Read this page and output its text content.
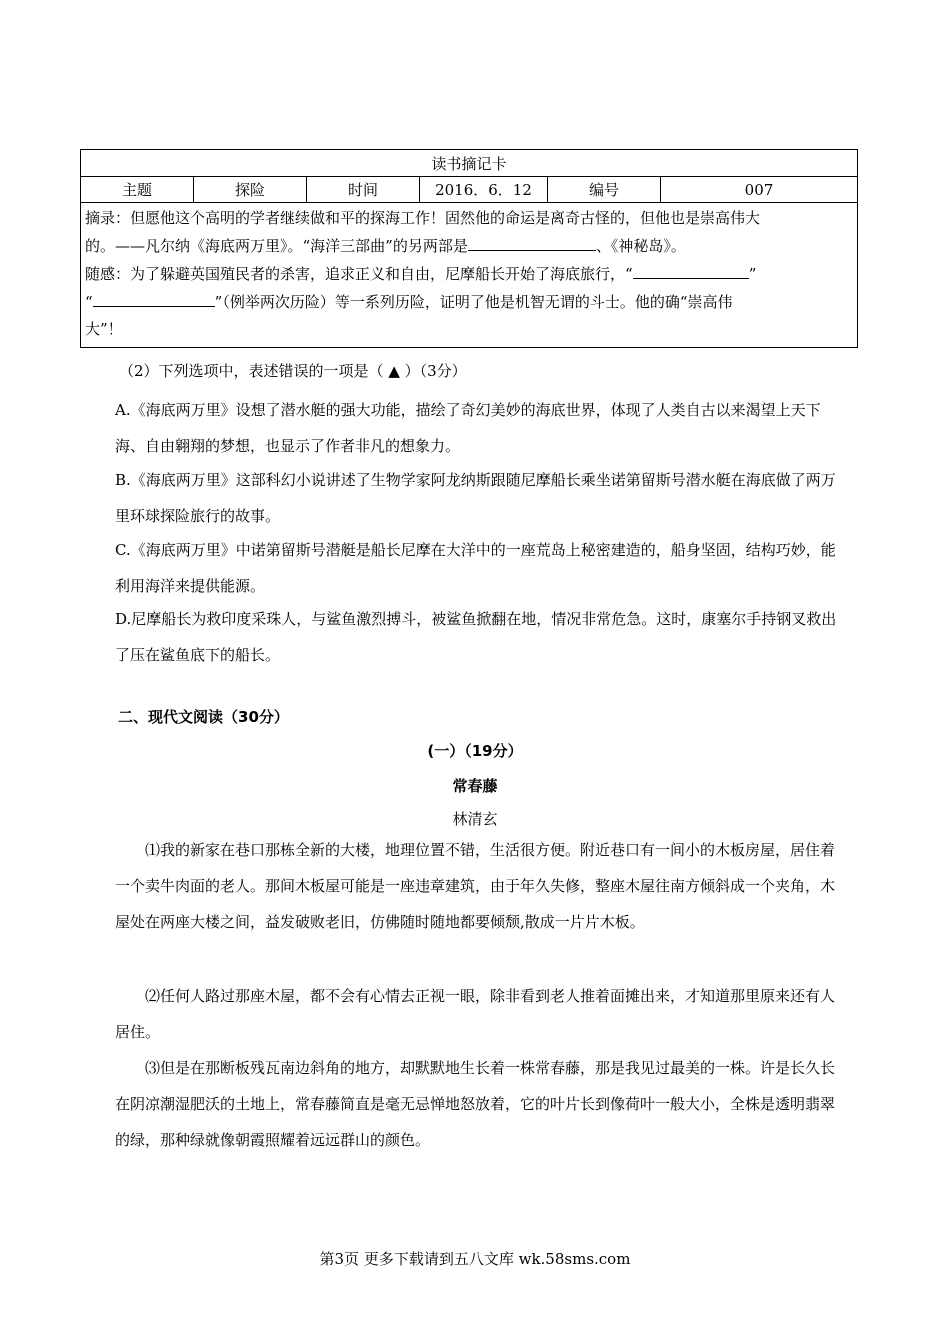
读书摘记卡
主题	探险	时间	2016．6．12	编号	007

摘录：但愿他这个高明的学者继续做和平的探海工作！固然他的命运是离奇古怪的，但他也是崇高伟大
的。——凡尔纳《海底两万里》。“海洋三部曲”的另两部是	、《神秘岛》。
随感：为了躲避英国殖民者的杀害，追求正义和自由，尼摩船长开始了海底旅行，“	”
“	”（例举两次历险）等一系列历险，证明了他是机智无谓的斗士。他的确“崇高伟
大”！
（2）下列选项中，表述错误的一项是（ ▲ ）（3分）
A.《海底两万里》设想了潜水艇的强大功能，描绘了奇幻美妙的海底世界，体现了人类自古以来渴望上天下海、自由翱翔的梦想，也显示了作者非凡的想象力。
B.《海底两万里》这部科幻小说讲述了生物学家阿龙纳斯跟随尼摩船长乘坐诺第留斯号潜水艇在海底做了两万里环球探险旅行的故事。
C.《海底两万里》中诺第留斯号潜艇是船长尼摩在大洋中的一座荒岛上秘密建造的，船身坚固，结构巧妙，能利用海洋来提供能源。
D.尼摩船长为救印度采珠人，与鲨鱼激烈搏斗，被鲨鱼掀翻在地，情况非常危急。这时，康塞尔手持钢叉救出了压在鲨鱼底下的船长。
二、现代文阅读（30分）
(一）（19分）
常春藤
林清玄
⑴我的新家在巷口那栋全新的大楼，地理位置不错，生活很方便。附近巷口有一间小的木板房屋，居住着一个卖牛肉面的老人。那间木板屋可能是一座违章建筑，由于年久失修，整座木屋往南方倾斜成一个夹角，木屋处在两座大楼之间，益发破败老旧，仿佛随时随地都要倾颓,散成一片片木板。
⑵任何人路过那座木屋，都不会有心情去正视一眼，除非看到老人推着面摊出来，才知道那里原来还有人居住。
⑶但是在那断板残瓦南边斜角的地方，却默默地生长着一株常春藤，那是我见过最美的一株。许是长久长在阴凉潮湿肥沃的土地上，常春藤简直是毫无忌惮地怒放着，它的叶片长到像荷叶一般大小，全株是透明翡翠的绿，那种绿就像朝霞照耀着远远群山的颜色。
第3页 更多下载请到五八文库 wk.58sms.com
